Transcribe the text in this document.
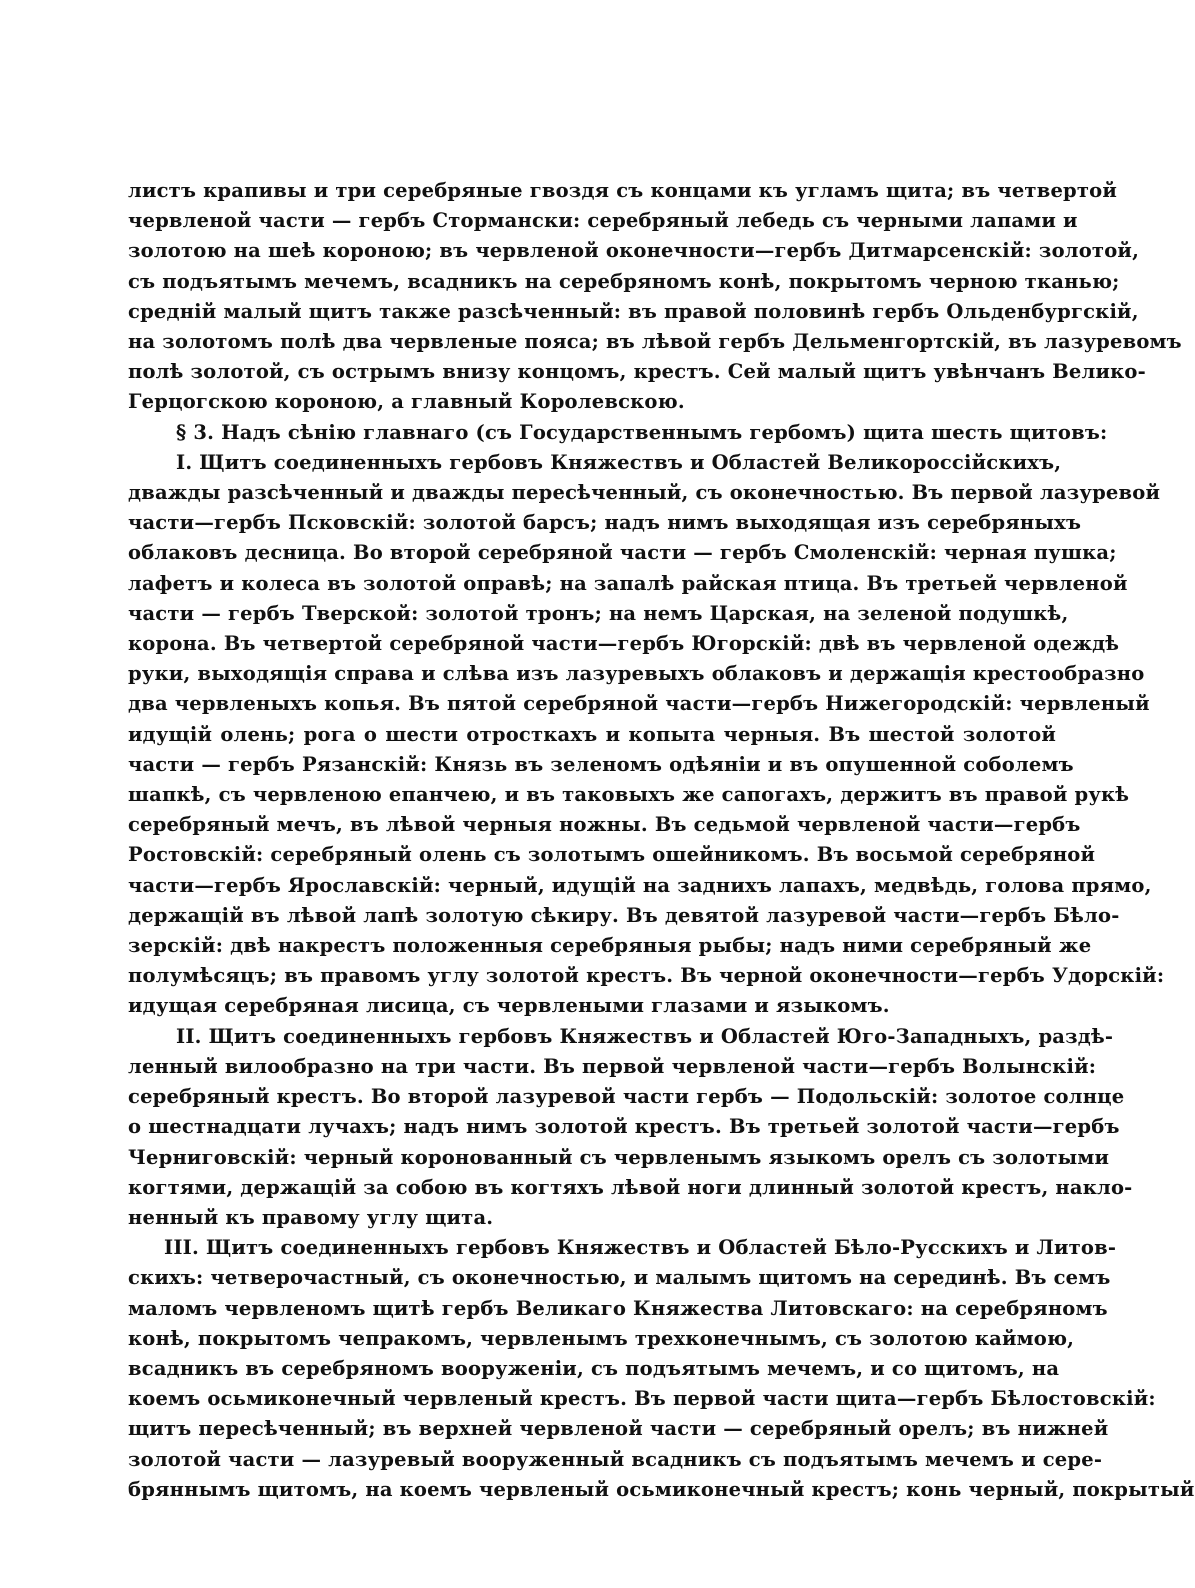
листъ крапивы и три серебряные гвоздя съ концами къ угламъ щита; въ четвертой
червленой части — гербъ Стормански: серебряный лебедь съ черными лапами и
золотою на шеѣ короною; въ червленой оконечности—гербъ Дитмарсенскій: золотой,
съ подъятымъ мечемъ, всадникъ на серебряномъ конѣ, покрытомъ черною тканью;
средній малый щитъ также разсѣченный: въ правой половинѣ гербъ Ольденбургскій,
на золотомъ полѣ два червленые пояса; въ лѣвой гербъ Дельменгортскій, въ лазуревомъ
полѣ золотой, съ острымъ внизу концомъ, крестъ. Сей малый щитъ увѣнчанъ Велико-
Герцогскою короною, а главный Королевскою.
§ 3. Надъ сѣнію главнаго (съ Государственнымъ гербомъ) щита шесть щитовъ:
I. Щитъ соединенныхъ гербовъ Княжествъ и Областей Великороссійскихъ,
дважды разсѣченный и дважды пересѣченный, съ оконечностью. Въ первой лазуревой
части—гербъ Псковскій: золотой барсъ; надъ нимъ выходящая изъ серебряныхъ
облаковъ десница. Во второй серебряной части — гербъ Смоленскій: черная пушка;
лафетъ и колеса въ золотой оправѣ; на запалѣ райская птица. Въ третьей червленой
части — гербъ Тверской: золотой тронъ; на немъ Царская, на зеленой подушкѣ,
корона. Въ четвертой серебряной части—гербъ Югорскій: двѣ въ червленой одеждѣ
руки, выходящія справа и слѣва изъ лазуревыхъ облаковъ и держащія крестообразно
два червленыхъ копья. Въ пятой серебряной части—гербъ Нижегородскій: червленый
идущій олень; рога о шести отросткахъ и копыта черныя. Въ шестой золотой
части — гербъ Рязанскій: Князь въ зеленомъ одѣяніи и въ опушенной соболемъ
шапкѣ, съ червленою епанчею, и въ таковыхъ же сапогахъ, держитъ въ правой рукѣ
серебряный мечъ, въ лѣвой черныя ножны. Въ седьмой червленой части—гербъ
Ростовскій: серебряный олень съ золотымъ ошейникомъ. Въ восьмой серебряной
части—гербъ Ярославскій: черный, идущій на заднихъ лапахъ, медвѣдь, голова прямо,
держащій въ лѣвой лапѣ золотую сѣкиру. Въ девятой лазуревой части—гербъ Бѣло-
зерскій: двѣ накрестъ положенныя серебряныя рыбы; надъ ними серебряный же
полумѣсяцъ; въ правомъ углу золотой крестъ. Въ черной оконечности—гербъ Удорскій:
идущая серебряная лисица, съ червлеными глазами и языкомъ.
II. Щитъ соединенныхъ гербовъ Княжествъ и Областей Юго-Западныхъ, раздѣ-
ленный вилообразно на три части. Въ первой червленой части—гербъ Волынскій:
серебряный крестъ. Во второй лазуревой части гербъ — Подольскій: золотое солнце
о шестнадцати лучахъ; надъ нимъ золотой крестъ. Въ третьей золотой части—гербъ
Черниговскій: черный коронованный съ червленымъ языкомъ орелъ съ золотыми
когтями, держащій за собою въ когтяхъ лѣвой ноги длинный золотой крестъ, накло-
ненный къ правому углу щита.
III. Щитъ соединенныхъ гербовъ Княжествъ и Областей Бѣло-Русскихъ и Литов-
скихъ: четверочастный, съ оконечностью, и малымъ щитомъ на серединѣ. Въ семъ
маломъ червленомъ щитѣ гербъ Великаго Княжества Литовскаго: на серебряномъ
конѣ, покрытомъ чепракомъ, червленымъ трехконечнымъ, съ золотою каймою,
всадникъ въ серебряномъ вооруженіи, съ подъятымъ мечемъ, и со щитомъ, на
коемъ осьмиконечный червленый крестъ. Въ первой части щита—гербъ Бѣлостовскій:
щитъ пересѣченный; въ верхней червленой части — серебряный орелъ; въ нижней
золотой части — лазуревый вооруженный всадникъ съ подъятымъ мечемъ и сере-
бряннымъ щитомъ, на коемъ червленый осьмиконечный крестъ; конь черный, покрытый
